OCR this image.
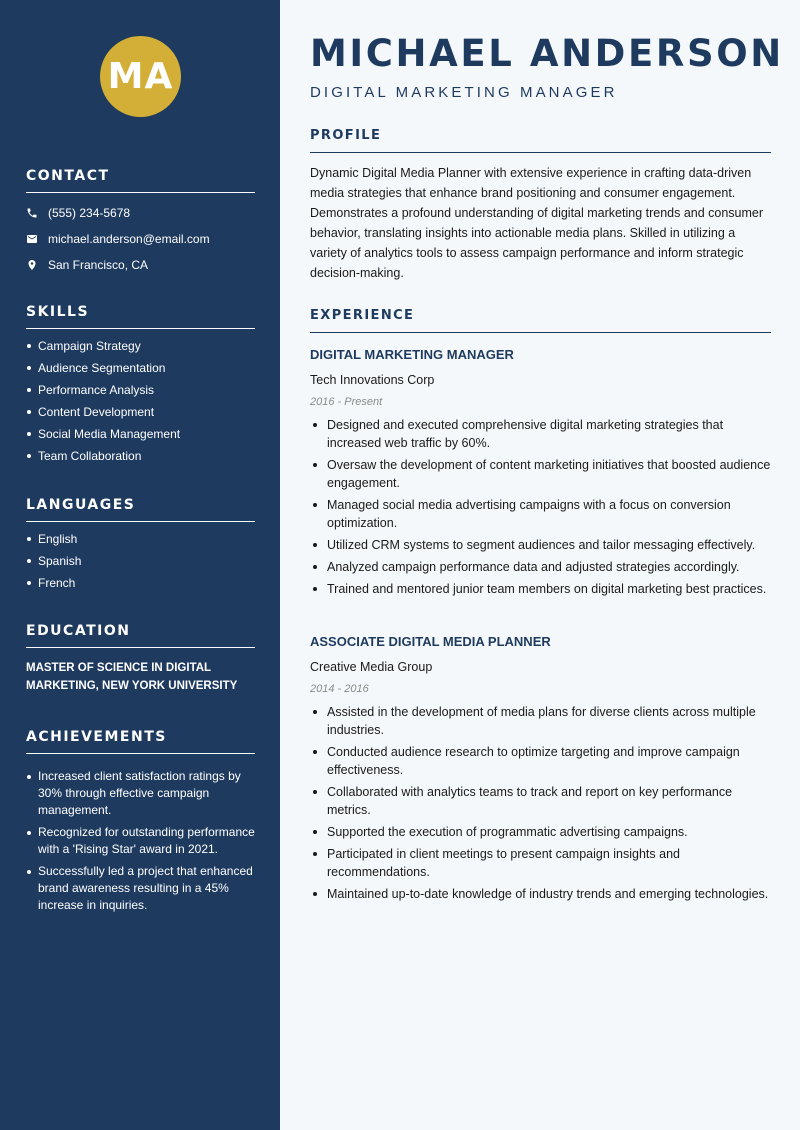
MA
CONTACT
(555) 234-5678
michael.anderson@email.com
San Francisco, CA
SKILLS
Campaign Strategy
Audience Segmentation
Performance Analysis
Content Development
Social Media Management
Team Collaboration
LANGUAGES
English
Spanish
French
EDUCATION
MASTER OF SCIENCE IN DIGITAL MARKETING, NEW YORK UNIVERSITY
ACHIEVEMENTS
Increased client satisfaction ratings by 30% through effective campaign management.
Recognized for outstanding performance with a 'Rising Star' award in 2021.
Successfully led a project that enhanced brand awareness resulting in a 45% increase in inquiries.
MICHAEL ANDERSON

DIGITAL MARKETING MANAGER

PROFILE

Dynamic Digital Media Planner with extensive experience in crafting data-driven media strategies that enhance brand positioning and consumer engagement. Demonstrates a profound understanding of digital marketing trends and consumer behavior, translating insights into actionable media plans. Skilled in utilizing a variety of analytics tools to assess campaign performance and inform strategic decision-making.

EXPERIENCE
DIGITAL MARKETING MANAGER

Tech Innovations Corp

2016 - Present

Designed and executed comprehensive digital marketing strategies that increased web traffic by 60%.
Oversaw the development of content marketing initiatives that boosted audience engagement.
Managed social media advertising campaigns with a focus on conversion optimization.
Utilized CRM systems to segment audiences and tailor messaging effectively.
Analyzed campaign performance data and adjusted strategies accordingly.
Trained and mentored junior team members on digital marketing best practices.
ASSOCIATE DIGITAL MEDIA PLANNER

Creative Media Group

2014 - 2016

Assisted in the development of media plans for diverse clients across multiple industries.
Conducted audience research to optimize targeting and improve campaign effectiveness.
Collaborated with analytics teams to track and report on key performance metrics.
Supported the execution of programmatic advertising campaigns.
Participated in client meetings to present campaign insights and recommendations.
Maintained up-to-date knowledge of industry trends and emerging technologies.
